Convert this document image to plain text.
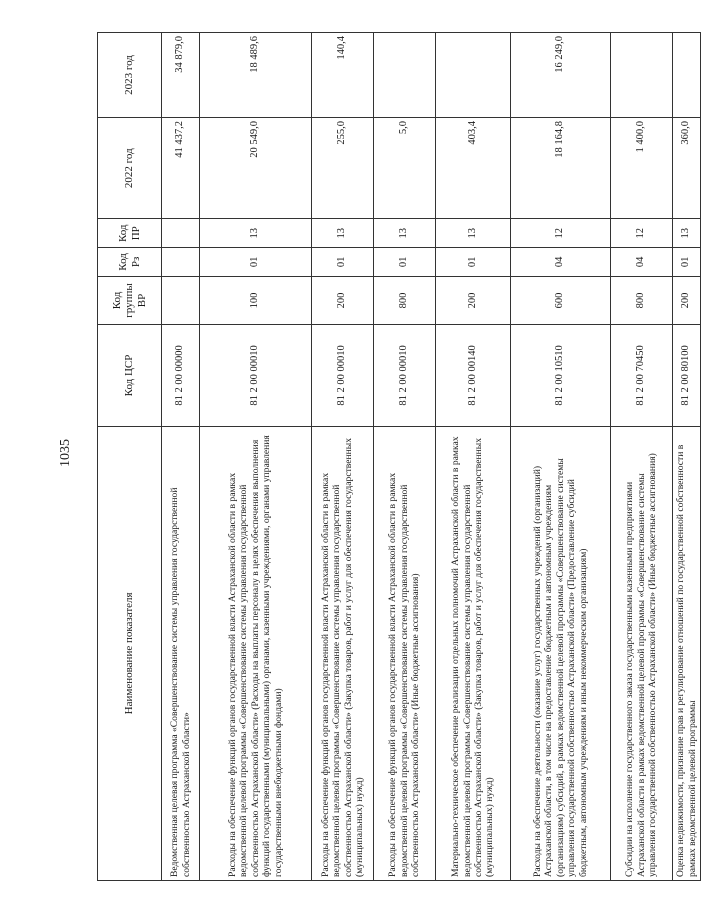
1035
Наименование показателя	Код ЦСР	Код группы ВР	Код Рз	Код ПР	2022 год	2023 год
Ведомственная целевая программа «Совершенствование системы управления государственной собственностью Астраханской области»	81 2 00 00000				41 437,2	34 879,0
Расходы на обеспечение функций органов государственной власти Астраханской области в рамках ведомственной целевой программы «Совершенствование системы управления государственной собственностью Астраханской области» (Расходы на выплаты персоналу в целях обеспечения выполнения функций государственными (муниципальными) органами, казенными учреждениями, органами управления государственными внебюджетными фондами)	81 2 00 00010	100	01	13	20 549,0	18 489,6
Расходы на обеспечение функций органов государственной власти Астраханской области в рамках ведомственной целевой программы «Совершенствование системы управления государственной собственностью Астраханской области» (Закупка товаров, работ и услуг для обеспечения государственных (муниципальных) нужд)	81 2 00 00010	200	01	13	255,0	140,4
Расходы на обеспечение функций органов государственной власти Астраханской области в рамках ведомственной целевой программы «Совершенствование системы управления государственной собственностью Астраханской области» (Иные бюджетные ассигнования)	81 2 00 00010	800	01	13	5,0	
Материально-техническое обеспечение реализации отдельных полномочий Астраханской области в рамках ведомственной целевой программы «Совершенствование системы управления государственной собственностью Астраханской области» (Закупка товаров, работ и услуг для обеспечения государственных (муниципальных) нужд)	81 2 00 00140	200	01	13	403,4	
Расходы на обеспечение деятельности (оказание услуг) государственных учреждений (организаций) Астраханской области, в том числе на предоставление бюджетным и автономным учреждениям (организациям) субсидий, в рамках ведомственной целевой программы «Совершенствование системы управления государственной собственностью Астраханской области» (Предоставление субсидий бюджетным, автономным учреждениям и иным некоммерческим организациям)	81 2 00 10510	600	04	12	18 164,8	16 249,0
Субсидии на исполнение государственного заказа государственными казенными предприятиями Астраханской области в рамках ведомственной целевой программы «Совершенствование системы управления государственной собственностью Астраханской области» (Иные бюджетные ассигнования)	81 2 00 70450	800	04	12	1 400,0	
Оценка недвижимости, признание прав и регулирование отношений по государственной собственности в рамках ведомственной целевой программы	81 2 00 80100	200	01	13	360,0	
